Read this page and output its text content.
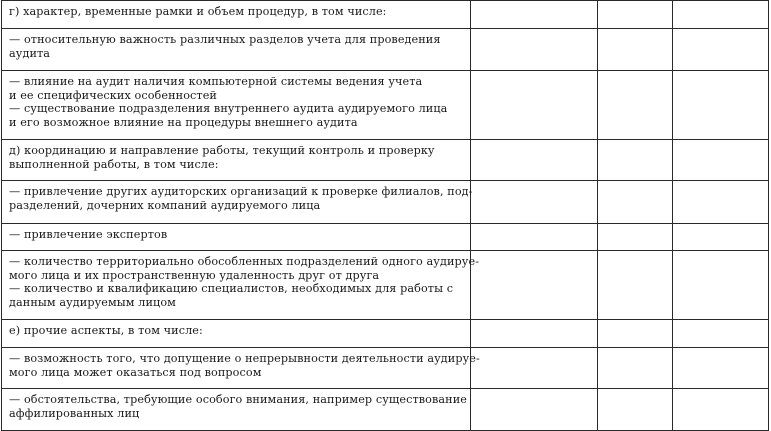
г) характер, временные рамки и объем процедур, в том числе:			

— относительную важность различных разделов учета для проведения
аудита			

— влияние на аудит наличия компьютерной системы ведения учета
и ее специфических особенностей
— существование подразделения внутреннего аудита аудируемого лица
и его возможное влияние на процедуры внешнего аудита			

д) координацию и направление работы, текущий контроль и проверку
выполненной работы, в том числе:			

— привлечение других аудиторских организаций к проверке филиалов, под-
разделений, дочерних компаний аудируемого лица			

— привлечение экспертов			

— количество территориально обособленных подразделений одного аудируе-
мого лица и их пространственную удаленность друг от друга
— количество и квалификацию специалистов, необходимых для работы с
данным аудируемым лицом			

е) прочие аспекты, в том числе:			

— возможность того, что допущение о непрерывности деятельности аудируе-
мого лица может оказаться под вопросом			

— обстоятельства, требующие особого внимания, например существование
аффилированных лиц			
